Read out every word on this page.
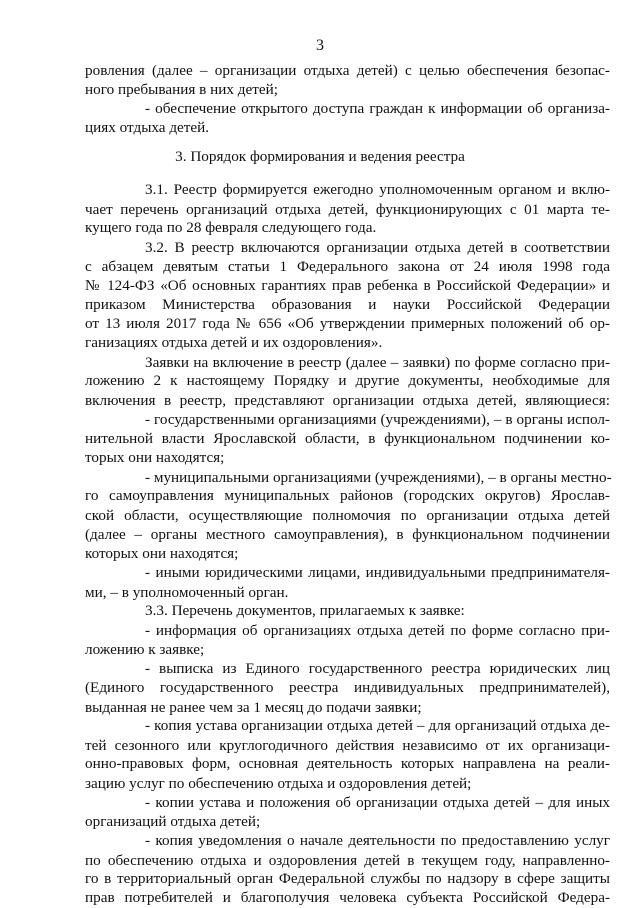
3
ровления (далее – организации отдыха детей) с целью обеспечения безопас-
ного пребывания в них детей;
- обеспечение открытого доступа граждан к информации об организа-
циях отдыха детей.
3. Порядок формирования и ведения реестра
3.1. Реестр формируется ежегодно уполномоченным органом и вклю-
чает перечень организаций отдыха детей, функционирующих с 01 марта те-
кущего года по 28 февраля следующего года.
3.2. В реестр включаются организации отдыха детей в соответствии
с абзацем девятым статьи 1 Федерального закона от 24 июля 1998 года
№ 124-ФЗ «Об основных гарантиях прав ребенка в Российской Федерации» и
приказом Министерства образования и науки Российской Федерации
от 13 июля 2017 года № 656 «Об утверждении примерных положений об ор-
ганизациях отдыха детей и их оздоровления».
Заявки на включение в реестр (далее – заявки) по форме согласно при-
ложению 2 к настоящему Порядку и другие документы, необходимые для
включения в реестр, представляют организации отдыха детей, являющиеся:
- государственными организациями (учреждениями), – в органы испол-
нительной власти Ярославской области, в функциональном подчинении ко-
торых они находятся;
- муниципальными организациями (учреждениями), – в органы местно-
го самоуправления муниципальных районов (городских округов) Ярослав-
ской области, осуществляющие полномочия по организации отдыха детей
(далее – органы местного самоуправления), в функциональном подчинении
которых они находятся;
- иными юридическими лицами, индивидуальными предпринимателя-
ми, – в уполномоченный орган.
3.3. Перечень документов, прилагаемых к заявке:
- информация об организациях отдыха детей по форме согласно при-
ложению к заявке;
- выписка из Единого государственного реестра юридических лиц
(Единого государственного реестра индивидуальных предпринимателей),
выданная не ранее чем за 1 месяц до подачи заявки;
- копия устава организации отдыха детей – для организаций отдыха де-
тей сезонного или круглогодичного действия независимо от их организаци-
онно-правовых форм, основная деятельность которых направлена на реали-
зацию услуг по обеспечению отдыха и оздоровления детей;
- копии устава и положения об организации отдыха детей – для иных
организаций отдыха детей;
- копия уведомления о начале деятельности по предоставлению услуг
по обеспечению отдыха и оздоровления детей в текущем году, направленно-
го в территориальный орган Федеральной службы по надзору в сфере защиты
прав потребителей и благополучия человека субъекта Российской Федера-
